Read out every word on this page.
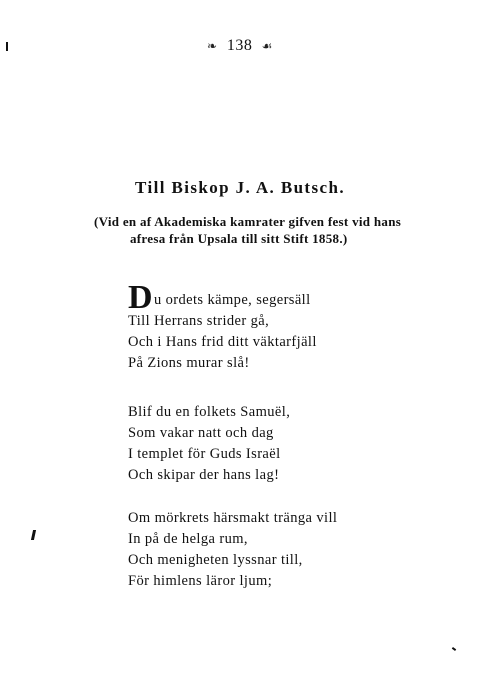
❧ 138 ☙
Till Biskop J. A. Butsch.
(Vid en af Akademiska kamrater gifven fest vid hans
afresa från Upsala till sitt Stift 1858.)
Du ordets kämpe, segersäll
Till Herrans strider gå,
Och i Hans frid ditt väktarfjäll
På Zions murar slå!
Blif du en folkets Samuël,
Som vakar natt och dag
I templet för Guds Israël
Och skipar der hans lag!
Om mörkrets härsmakt tränga vill
In på de helga rum,
Och menigheten lyssnar till,
För himlens läror ljum;
